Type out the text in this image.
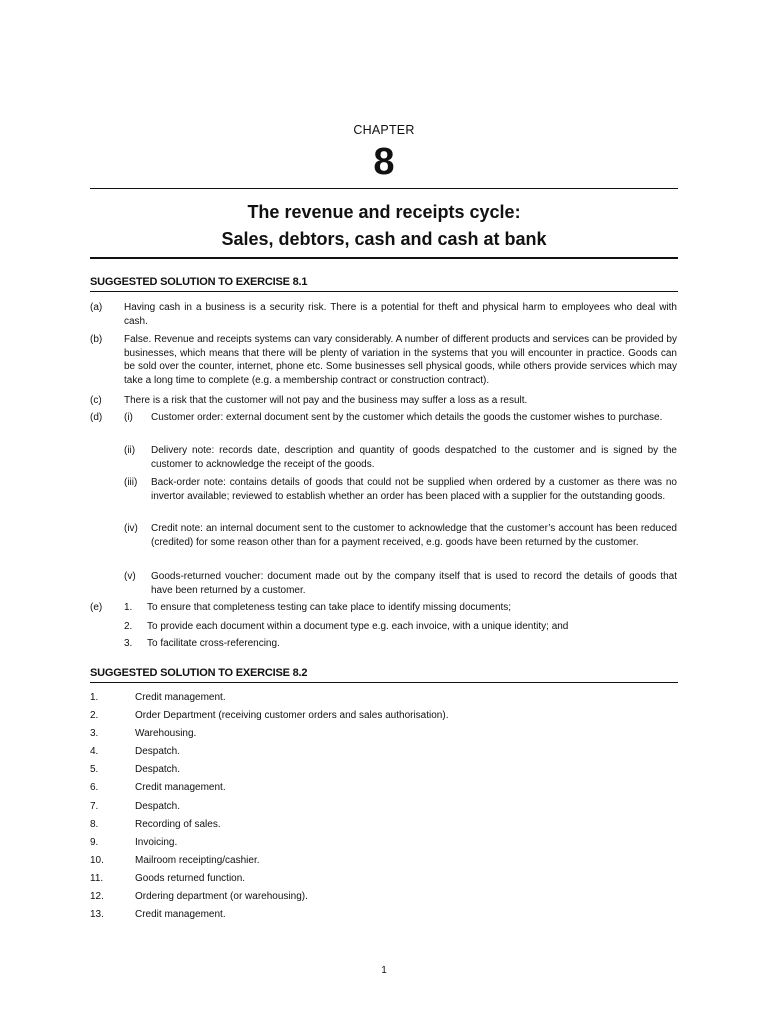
CHAPTER
8
The revenue and receipts cycle:
Sales, debtors, cash and cash at bank
SUGGESTED SOLUTION TO EXERCISE 8.1
(a) Having cash in a business is a security risk. There is a potential for theft and physical harm to employees who deal with cash.
(b) False. Revenue and receipts systems can vary considerably. A number of different products and services can be provided by businesses, which means that there will be plenty of variation in the systems that you will encounter in practice. Goods can be sold over the counter, internet, phone etc. Some businesses sell physical goods, while others provide services which may take a long time to complete (e.g. a membership contract or construction contract).
(c) There is a risk that the customer will not pay and the business may suffer a loss as a result.
(d) (i) Customer order: external document sent by the customer which details the goods the customer wishes to purchase.
(ii) Delivery note: records date, description and quantity of goods despatched to the customer and is signed by the customer to acknowledge the receipt of the goods.
(iii) Back-order note: contains details of goods that could not be supplied when ordered by a customer as there was no invertor available; reviewed to establish whether an order has been placed with a supplier for the outstanding goods.
(iv) Credit note: an internal document sent to the customer to acknowledge that the customer’s account has been reduced (credited) for some reason other than for a payment received, e.g. goods have been returned by the customer.
(v) Goods-returned voucher: document made out by the company itself that is used to record the details of goods that have been returned by a customer.
(e) 1. To ensure that completeness testing can take place to identify missing documents;
2. To provide each document within a document type e.g. each invoice, with a unique identity; and
3. To facilitate cross-referencing.
SUGGESTED SOLUTION TO EXERCISE 8.2
1.	Credit management.
2.	Order Department (receiving customer orders and sales authorisation).
3.	Warehousing.
4.	Despatch.
5.	Despatch.
6.	Credit management.
7.	Despatch.
8.	Recording of sales.
9.	Invoicing.
10.	Mailroom receipting/cashier.
11.	Goods returned function.
12.	Ordering department (or warehousing).
13.	Credit management.
1
